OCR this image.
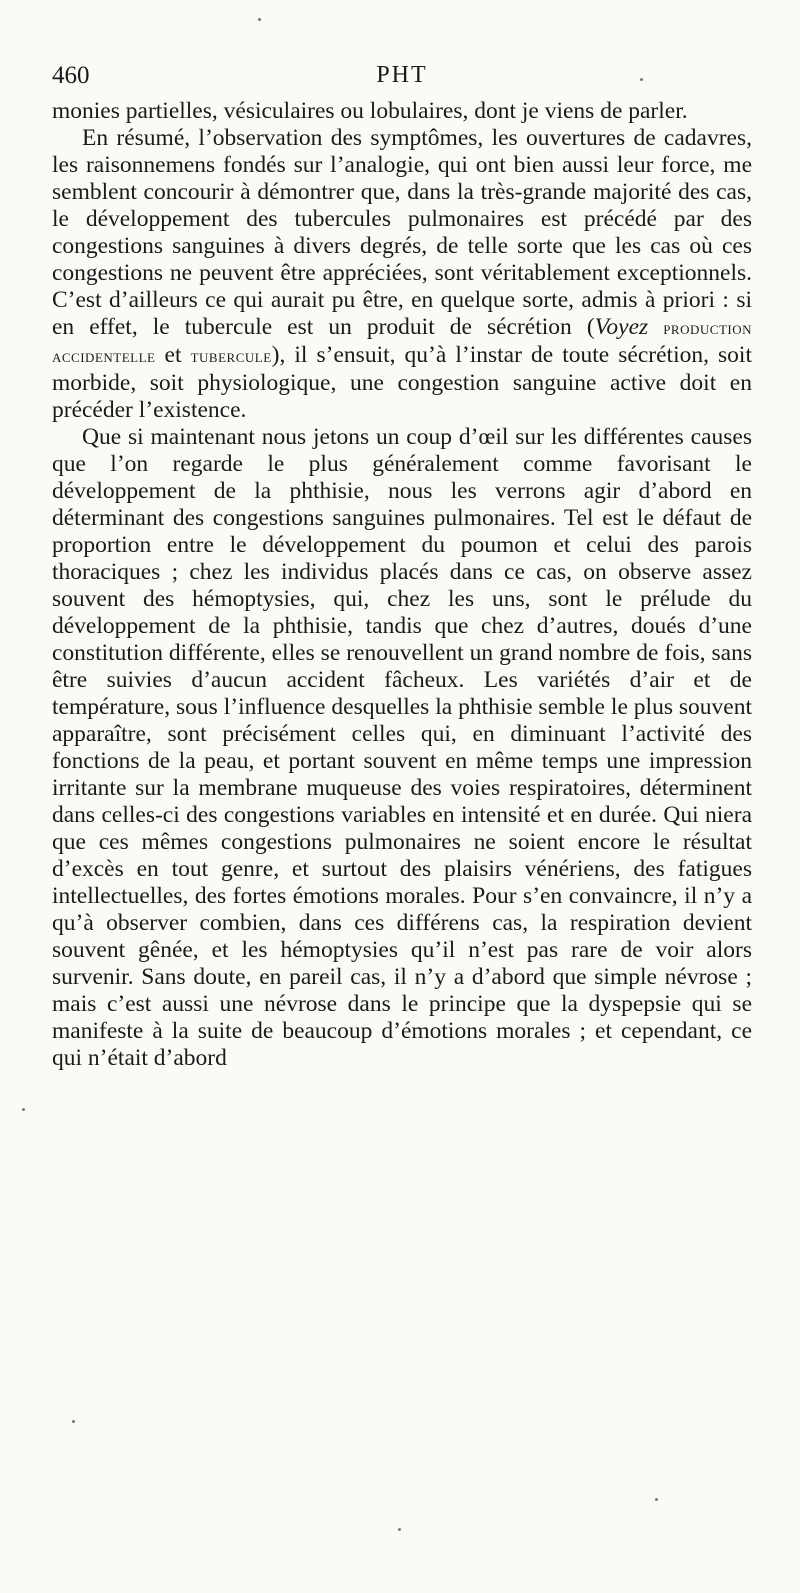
460	PHT

monies partielles, vésiculaires ou lobulaires, dont je viens de parler.

En résumé, l’observation des symptômes, les ouvertures de cadavres, les raisonnemens fondés sur l’analogie, qui ont bien aussi leur force, me semblent concourir à démontrer que, dans la très-grande majorité des cas, le développement des tubercules pulmonaires est précédé par des congestions sanguines à divers degrés, de telle sorte que les cas où ces congestions ne peuvent être appréciées, sont véritablement exceptionnels. C’est d’ailleurs ce qui aurait pu être, en quelque sorte, admis à priori : si en effet, le tubercule est un produit de sécrétion (Voyez production accidentelle et tubercule), il s’ensuit, qu’à l’instar de toute sécrétion, soit morbide, soit physiologique, une congestion sanguine active doit en précéder l’existence.

Que si maintenant nous jetons un coup d’œil sur les différentes causes que l’on regarde le plus généralement comme favorisant le développement de la phthisie, nous les verrons agir d’abord en déterminant des congestions sanguines pulmonaires. Tel est le défaut de proportion entre le développement du poumon et celui des parois thoraciques ; chez les individus placés dans ce cas, on observe assez souvent des hémoptysies, qui, chez les uns, sont le prélude du développement de la phthisie, tandis que chez d’autres, doués d’une constitution différente, elles se renouvellent un grand nombre de fois, sans être suivies d’aucun accident fâcheux. Les variétés d’air et de température, sous l’influence desquelles la phthisie semble le plus souvent apparaître, sont précisément celles qui, en diminuant l’activité des fonctions de la peau, et portant souvent en même temps une impression irritante sur la membrane muqueuse des voies respiratoires, déterminent dans celles-ci des congestions variables en intensité et en durée. Qui niera que ces mêmes congestions pulmonaires ne soient encore le résultat d’excès en tout genre, et surtout des plaisirs vénériens, des fatigues intellectuelles, des fortes émotions morales. Pour s’en convaincre, il n’y a qu’à observer combien, dans ces différens cas, la respiration devient souvent gênée, et les hémoptysies qu’il n’est pas rare de voir alors survenir. Sans doute, en pareil cas, il n’y a d’abord que simple névrose ; mais c’est aussi une névrose dans le principe que la dyspepsie qui se manifeste à la suite de beaucoup d’émotions morales ; et cependant, ce qui n’était d’abord
